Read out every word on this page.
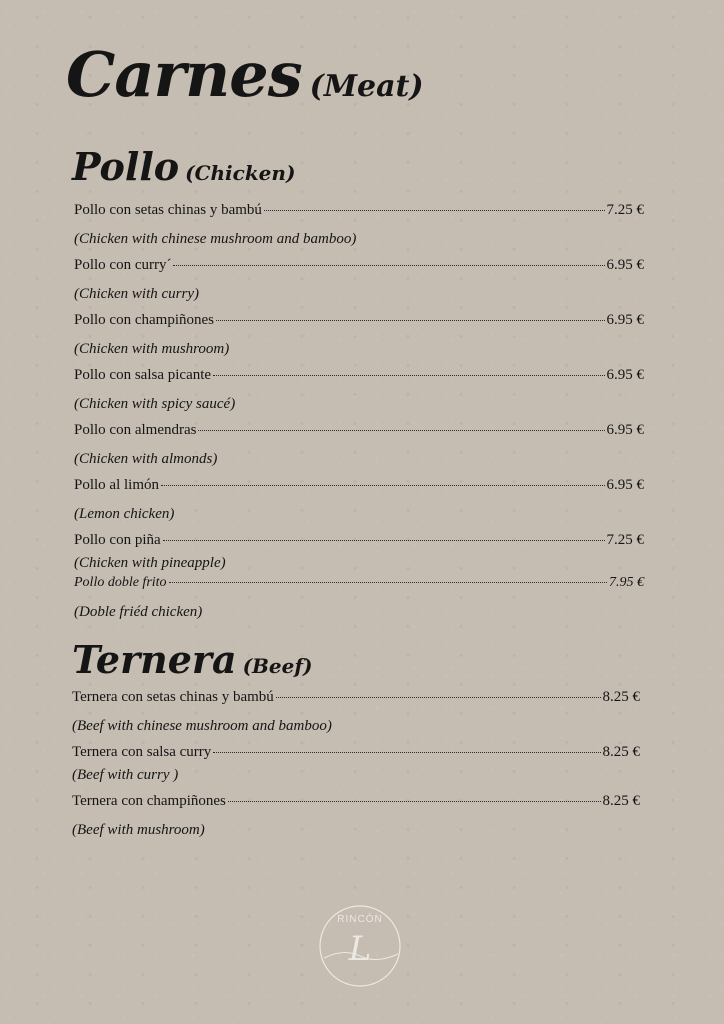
Carnes (Meat)
Pollo (Chicken)
Pollo con setas chinas y bambú	7.25 €
(Chicken with chinese mushroom and bamboo)
Pollo con curry´	6.95 €
(Chicken with curry)
Pollo con champiñones	6.95 €
(Chicken with mushroom)
Pollo con salsa picante	6.95 €
(Chicken with spicy saucé)
Pollo con almendras	6.95 €
(Chicken with almonds)
Pollo al limón	6.95 €
(Lemon chicken)
Pollo con piña	7.25 €
(Chicken with pineapple)
Pollo doble frito	7.95 €
(Doble friéd chicken)
Ternera (Beef)
Ternera con setas chinas y bambú	8.25 €
(Beef with chinese mushroom and bamboo)
Ternera con salsa curry	8.25 €
(Beef with curry )
Ternera con champiñones	8.25 €
(Beef with mushroom)
RINCÓN
L
